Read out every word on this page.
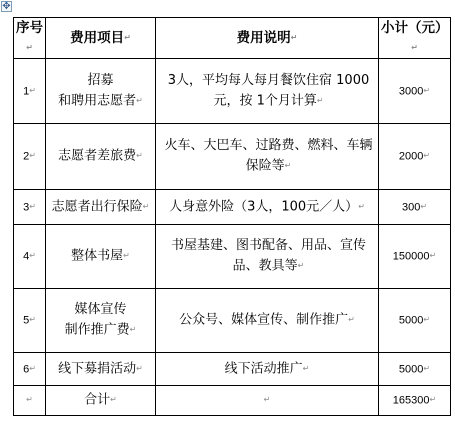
✥
序号↵	费用项目↵	费用说明↵	小计（元）↵
1↵	招募
和聘用志愿者↵	3人，平均每人每月餐饮住宿 1000元，按 1个月计算↵	3000↵
2↵	志愿者差旅费↵	火车、大巴车、过路费、燃料、车辆保险等↵	2000↵
3↵	志愿者出行保险↵	人身意外险（3人，100元／人）↵	300↵
4↵	整体书屋↵	书屋基建、图书配备、用品、宣传品、教具等↵	150000↵
5↵	媒体宣传
制作推广费↵	公众号、媒体宣传、制作推广↵	5000↵
6↵	线下募捐活动↵	线下活动推广↵	5000↵
↵	合计↵	↵	165300↵
